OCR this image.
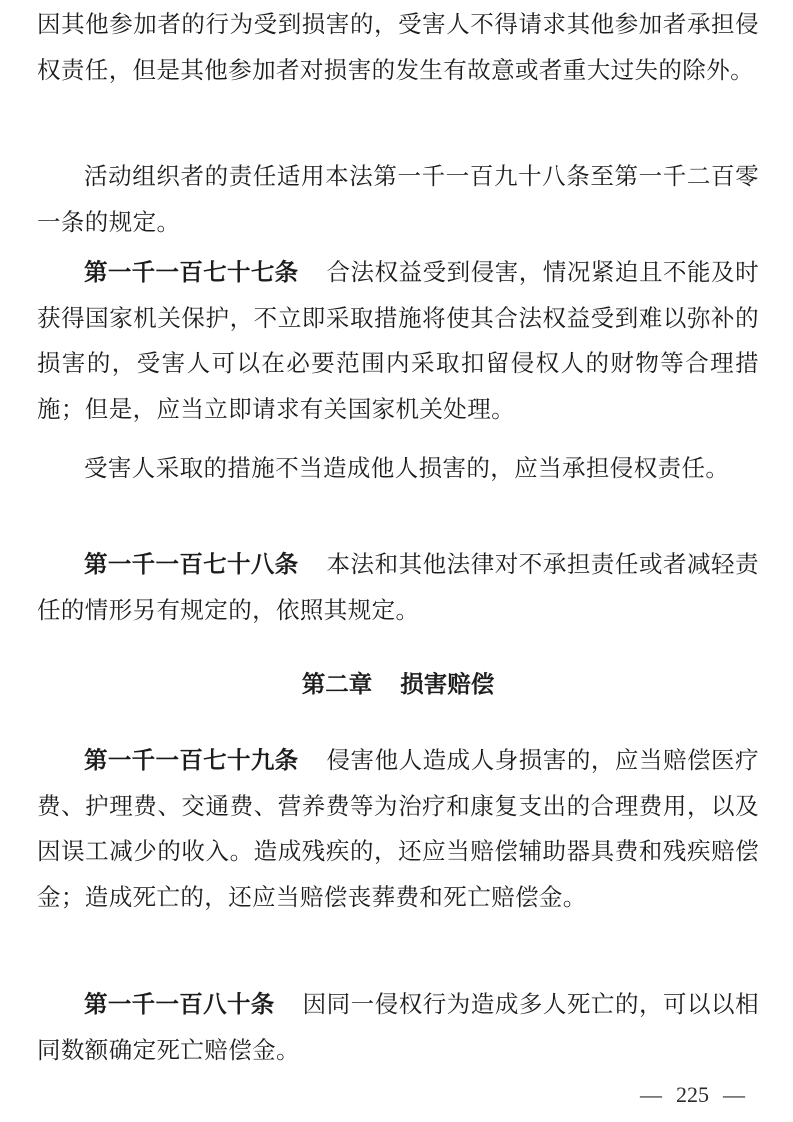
因其他参加者的行为受到损害的，受害人不得请求其他参加者承担侵权责任，但是其他参加者对损害的发生有故意或者重大过失的除外。

活动组织者的责任适用本法第一千一百九十八条至第一千二百零一条的规定。

第一千一百七十七条 合法权益受到侵害，情况紧迫且不能及时获得国家机关保护，不立即采取措施将使其合法权益受到难以弥补的损害的，受害人可以在必要范围内采取扣留侵权人的财物等合理措施；但是，应当立即请求有关国家机关处理。

受害人采取的措施不当造成他人损害的，应当承担侵权责任。

第一千一百七十八条 本法和其他法律对不承担责任或者减轻责任的情形另有规定的，依照其规定。

第二章 损害赔偿

第一千一百七十九条 侵害他人造成人身损害的，应当赔偿医疗费、护理费、交通费、营养费等为治疗和康复支出的合理费用，以及因误工减少的收入。造成残疾的，还应当赔偿辅助器具费和残疾赔偿金；造成死亡的，还应当赔偿丧葬费和死亡赔偿金。

第一千一百八十条 因同一侵权行为造成多人死亡的，可以以相同数额确定死亡赔偿金。

— 225 —
